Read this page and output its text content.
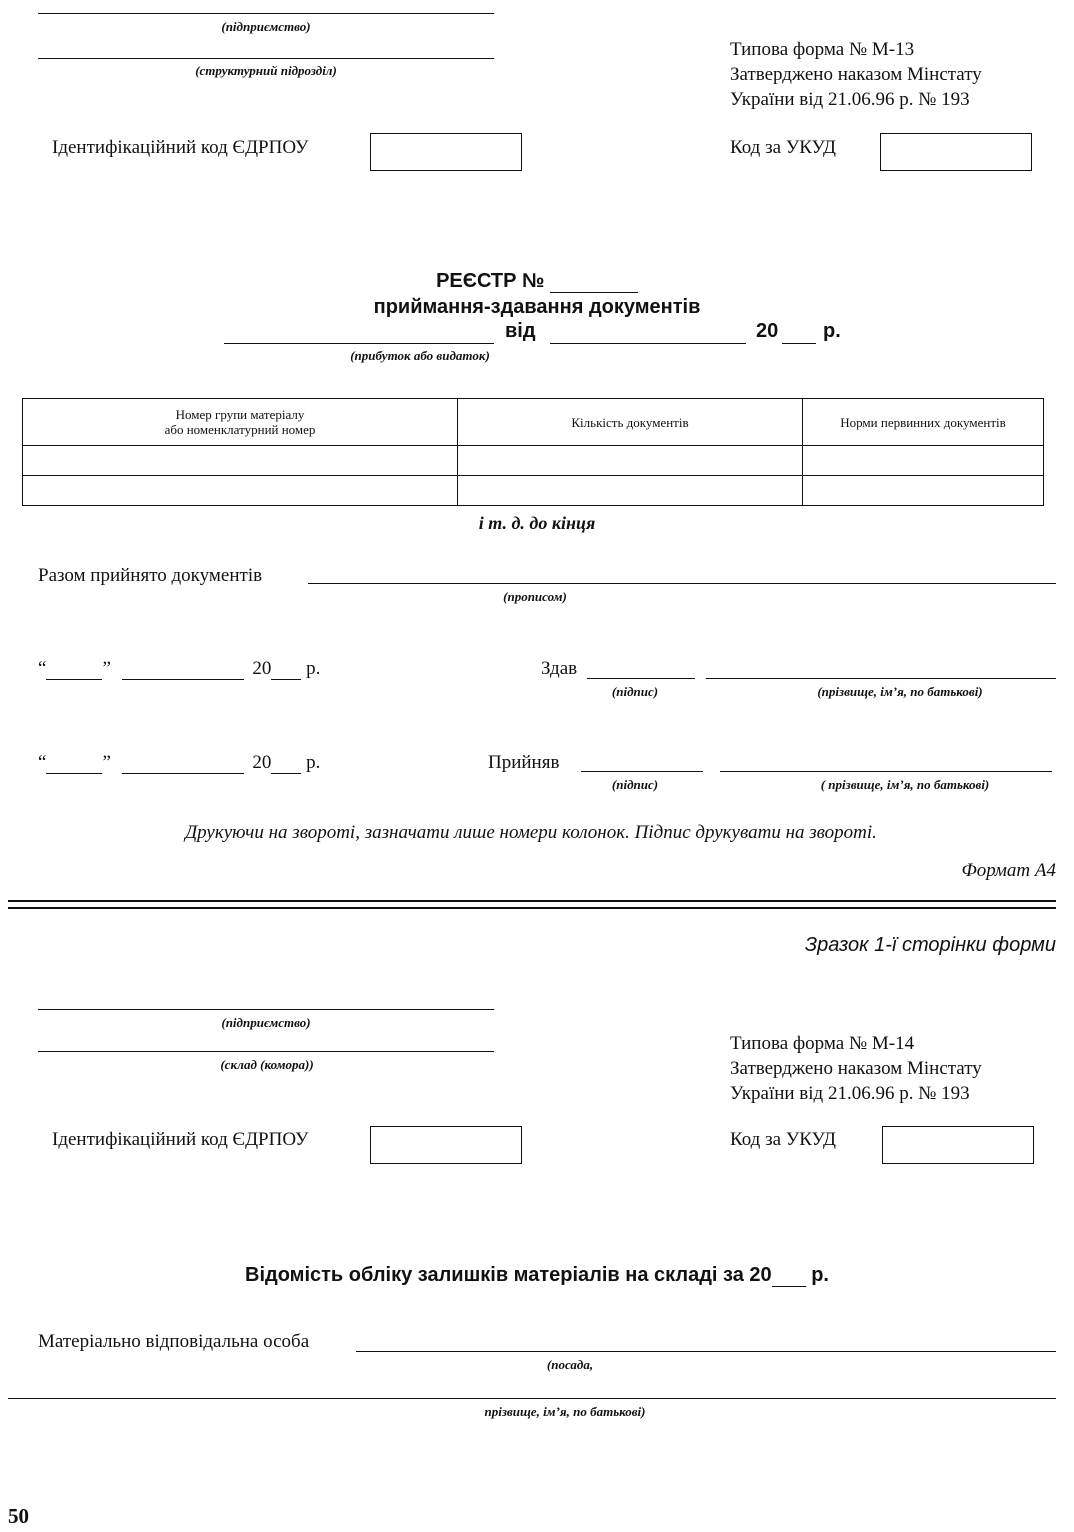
(підприємство)
(структурний підрозділ)
Типова форма № М-13
Затверджено наказом Мінстату
України від 21.06.96 р. № 193
Ідентифікаційний код ЄДРПОУ	Код за УКУД
РЕЄСТР №
приймання-здавання документів
від	20 р.
(прибуток або видаток)
Номер групи матеріалу
або номенклатурний номер	Кількість документів	Норми первинних документів

і т. д. до кінця
Разом прийнято документів
(прописом)
“	”	20 р.	Здав
(підпис)	(прізвище, ім’я, по батькові)
“	”	20 р.	Прийняв
(підпис)	( прізвище, ім’я, по батькові)
Друкуючи на звороті, зазначати лише номери колонок. Підпис друкувати на звороті.
Формат А4
Зразок 1-ї сторінки форми
(підприємство)
(склад (комора))
Типова форма № М-14
Затверджено наказом Мінстату
України від 21.06.96 р. № 193
Ідентифікаційний код ЄДРПОУ	Код за УКУД
Відомість обліку залишків матеріалів на складі за 20 р.
Матеріально відповідальна особа
(посада,
прізвище, ім’я, по батькові)
50
